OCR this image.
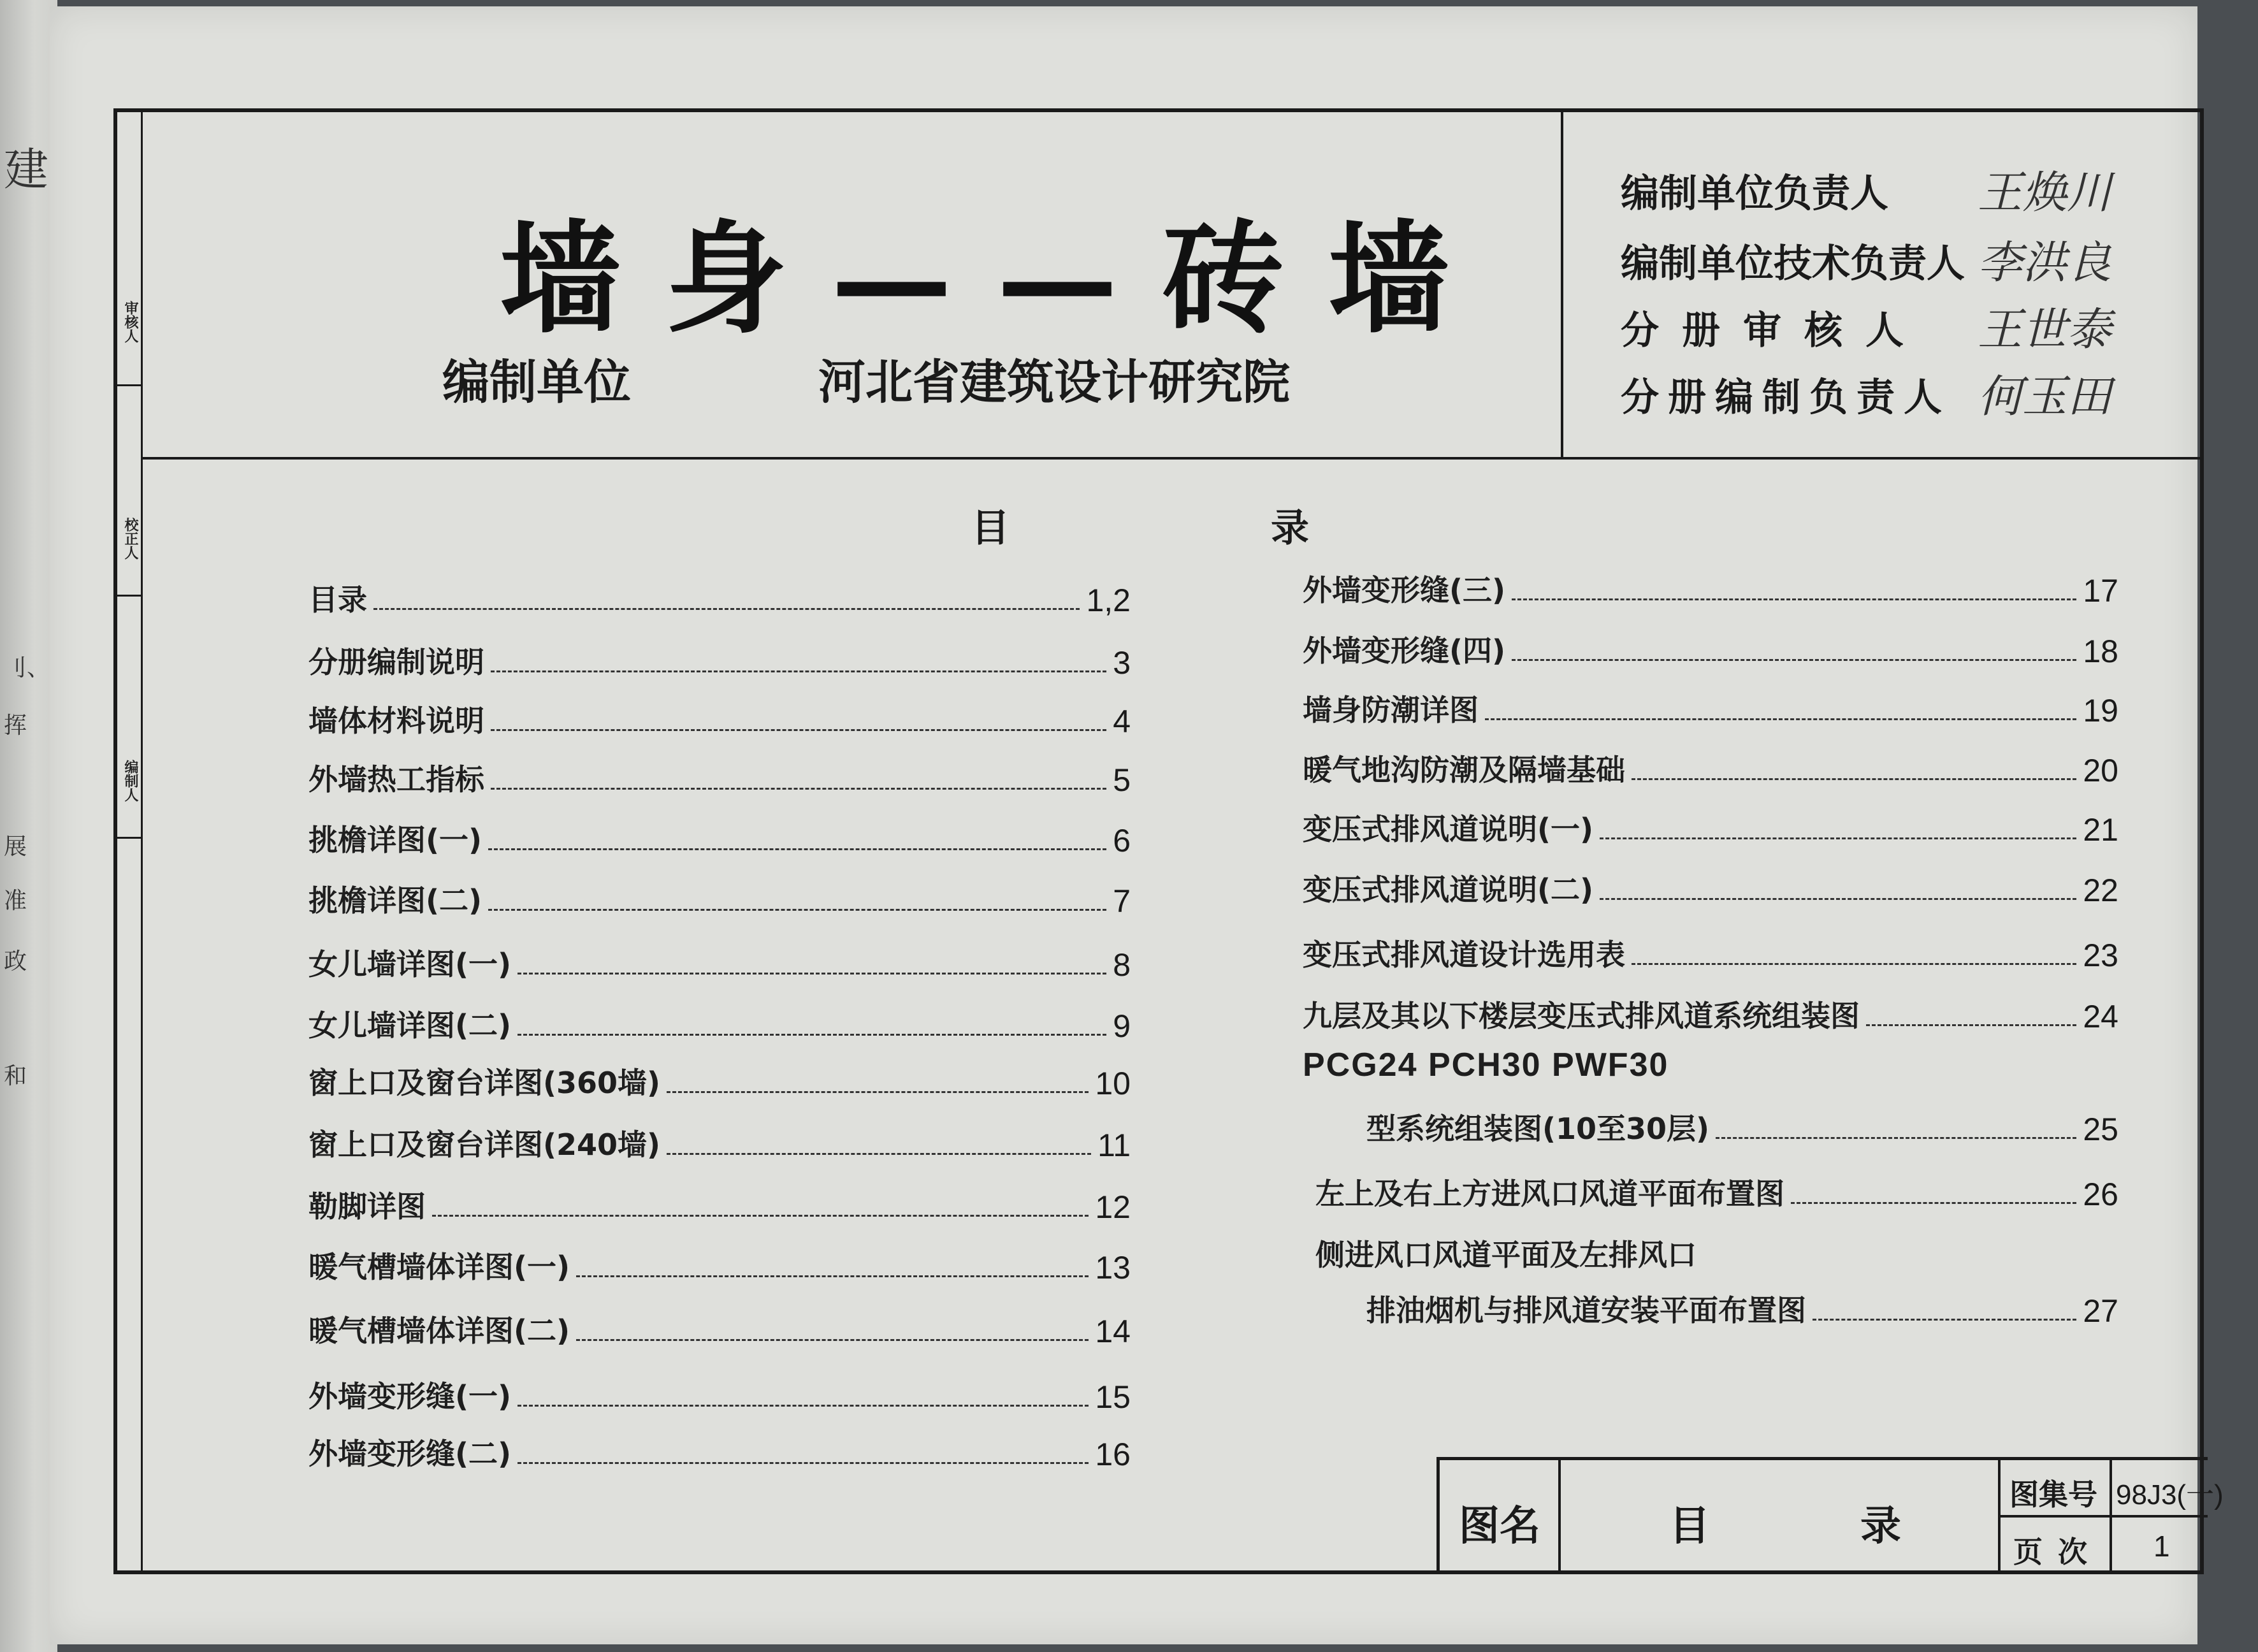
建
刂、
挥
展
准
政
和
审核人
校正人
编制人
墙身——砖墙
编制单位	河北省建筑设计研究院
编制单位负责人 王焕川
编制单位技术负责人 李洪良
分册审核人 王世泰
分册编制负责人 何玉田
目	录
目录	1,2
分册编制说明	3
墙体材料说明	4
外墙热工指标	5
挑檐详图(一)	6
挑檐详图(二)	7
女儿墙详图(一)	8
女儿墙详图(二)	9
窗上口及窗台详图(360墙)	10
窗上口及窗台详图(240墙)	11
勒脚详图	12
暖气槽墙体详图(一)	13
暖气槽墙体详图(二)	14
外墙变形缝(一)	15
外墙变形缝(二)	16
外墙变形缝(三)	17
外墙变形缝(四)	18
墙身防潮详图	19
暖气地沟防潮及隔墙基础	20
变压式排风道说明(一)	21
变压式排风道说明(二)	22
变压式排风道设计选用表	23
九层及其以下楼层变压式排风道系统组装图	24
PCG24 PCH30 PWF30
型系统组装图(10至30层)	25
左上及右上方进风口风道平面布置图	26
侧进风口风道平面及左排风口
排油烟机与排风道安装平面布置图	27
图名	目	录
图集号 98J3(一)
页次 1
